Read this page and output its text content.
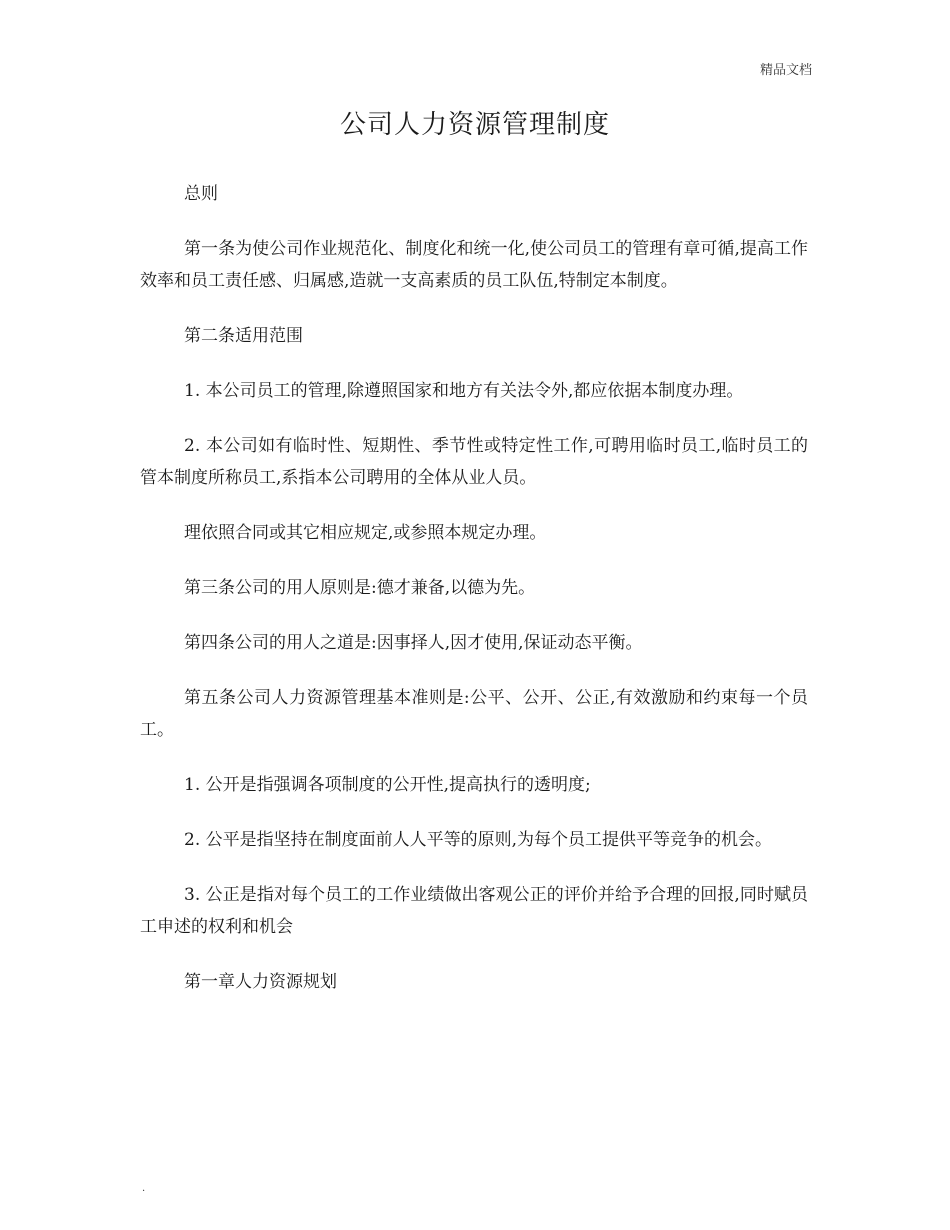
精品文档

公司人力资源管理制度

总则

第一条为使公司作业规范化、制度化和统一化,使公司员工的管理有章可循,提高工作效率和员工责任感、归属感,造就一支高素质的员工队伍,特制定本制度。

第二条适用范围

1. 本公司员工的管理,除遵照国家和地方有关法令外,都应依据本制度办理。

2. 本公司如有临时性、短期性、季节性或特定性工作,可聘用临时员工,临时员工的管本制度所称员工,系指本公司聘用的全体从业人员。

理依照合同或其它相应规定,或参照本规定办理。

第三条公司的用人原则是:德才兼备,以德为先。

第四条公司的用人之道是:因事择人,因才使用,保证动态平衡。

第五条公司人力资源管理基本准则是:公平、公开、公正,有效激励和约束每一个员工。

1. 公开是指强调各项制度的公开性,提高执行的透明度;

2. 公平是指坚持在制度面前人人平等的原则,为每个员工提供平等竞争的机会。

3. 公正是指对每个员工的工作业绩做出客观公正的评价并给予合理的回报,同时赋员工申述的权利和机会

第一章人力资源规划

.
